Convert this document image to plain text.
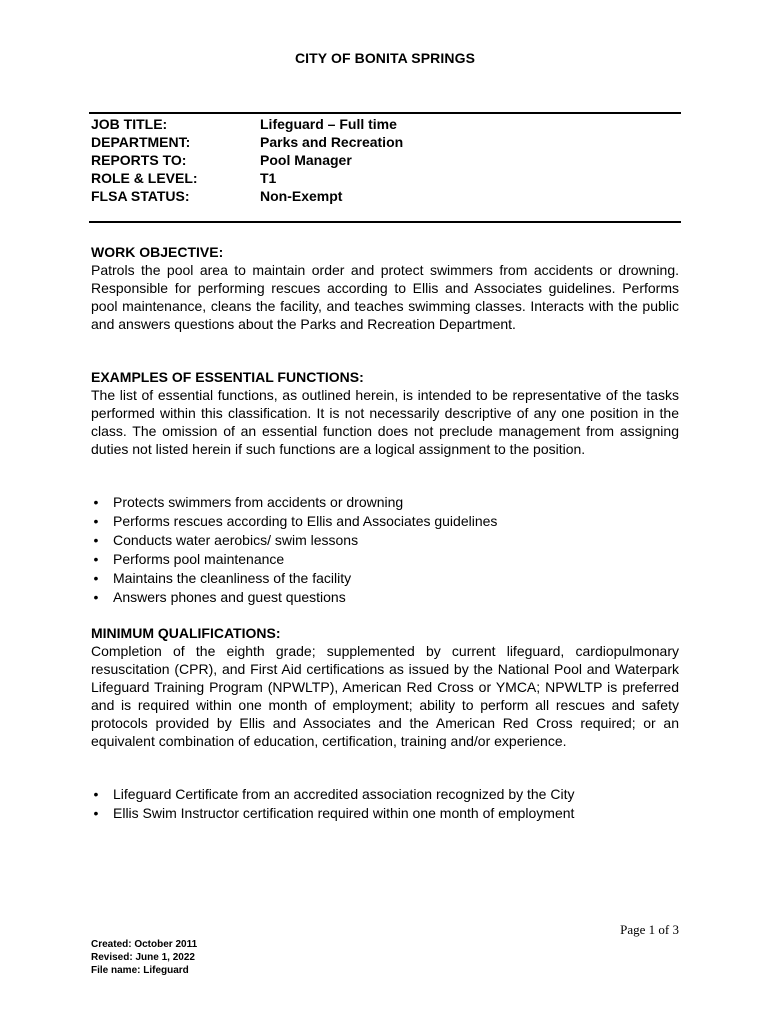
CITY OF BONITA SPRINGS
JOB TITLE:	Lifeguard – Full time
DEPARTMENT:	Parks and Recreation
REPORTS TO:	Pool Manager
ROLE & LEVEL:	T1
FLSA STATUS:	Non-Exempt
WORK OBJECTIVE:

Patrols the pool area to maintain order and protect swimmers from accidents or drowning. Responsible for performing rescues according to Ellis and Associates guidelines. Performs pool maintenance, cleans the facility, and teaches swimming classes. Interacts with the public and answers questions about the Parks and Recreation Department.

EXAMPLES OF ESSENTIAL FUNCTIONS:

The list of essential functions, as outlined herein, is intended to be representative of the tasks performed within this classification. It is not necessarily descriptive of any one position in the class. The omission of an essential function does not preclude management from assigning duties not listed herein if such functions are a logical assignment to the position.

• Protects swimmers from accidents or drowning
• Performs rescues according to Ellis and Associates guidelines
• Conducts water aerobics/ swim lessons
• Performs pool maintenance
• Maintains the cleanliness of the facility
• Answers phones and guest questions
MINIMUM QUALIFICATIONS:

Completion of the eighth grade; supplemented by current lifeguard, cardiopulmonary resuscitation (CPR), and First Aid certifications as issued by the National Pool and Waterpark Lifeguard Training Program (NPWLTP), American Red Cross or YMCA; NPWLTP is preferred and is required within one month of employment; ability to perform all rescues and safety protocols provided by Ellis and Associates and the American Red Cross required; or an equivalent combination of education, certification, training and/or experience.

• Lifeguard Certificate from an accredited association recognized by the City
• Ellis Swim Instructor certification required within one month of employment
Page 1 of 3
Created: October 2011
Revised: June 1, 2022
File name: Lifeguard
